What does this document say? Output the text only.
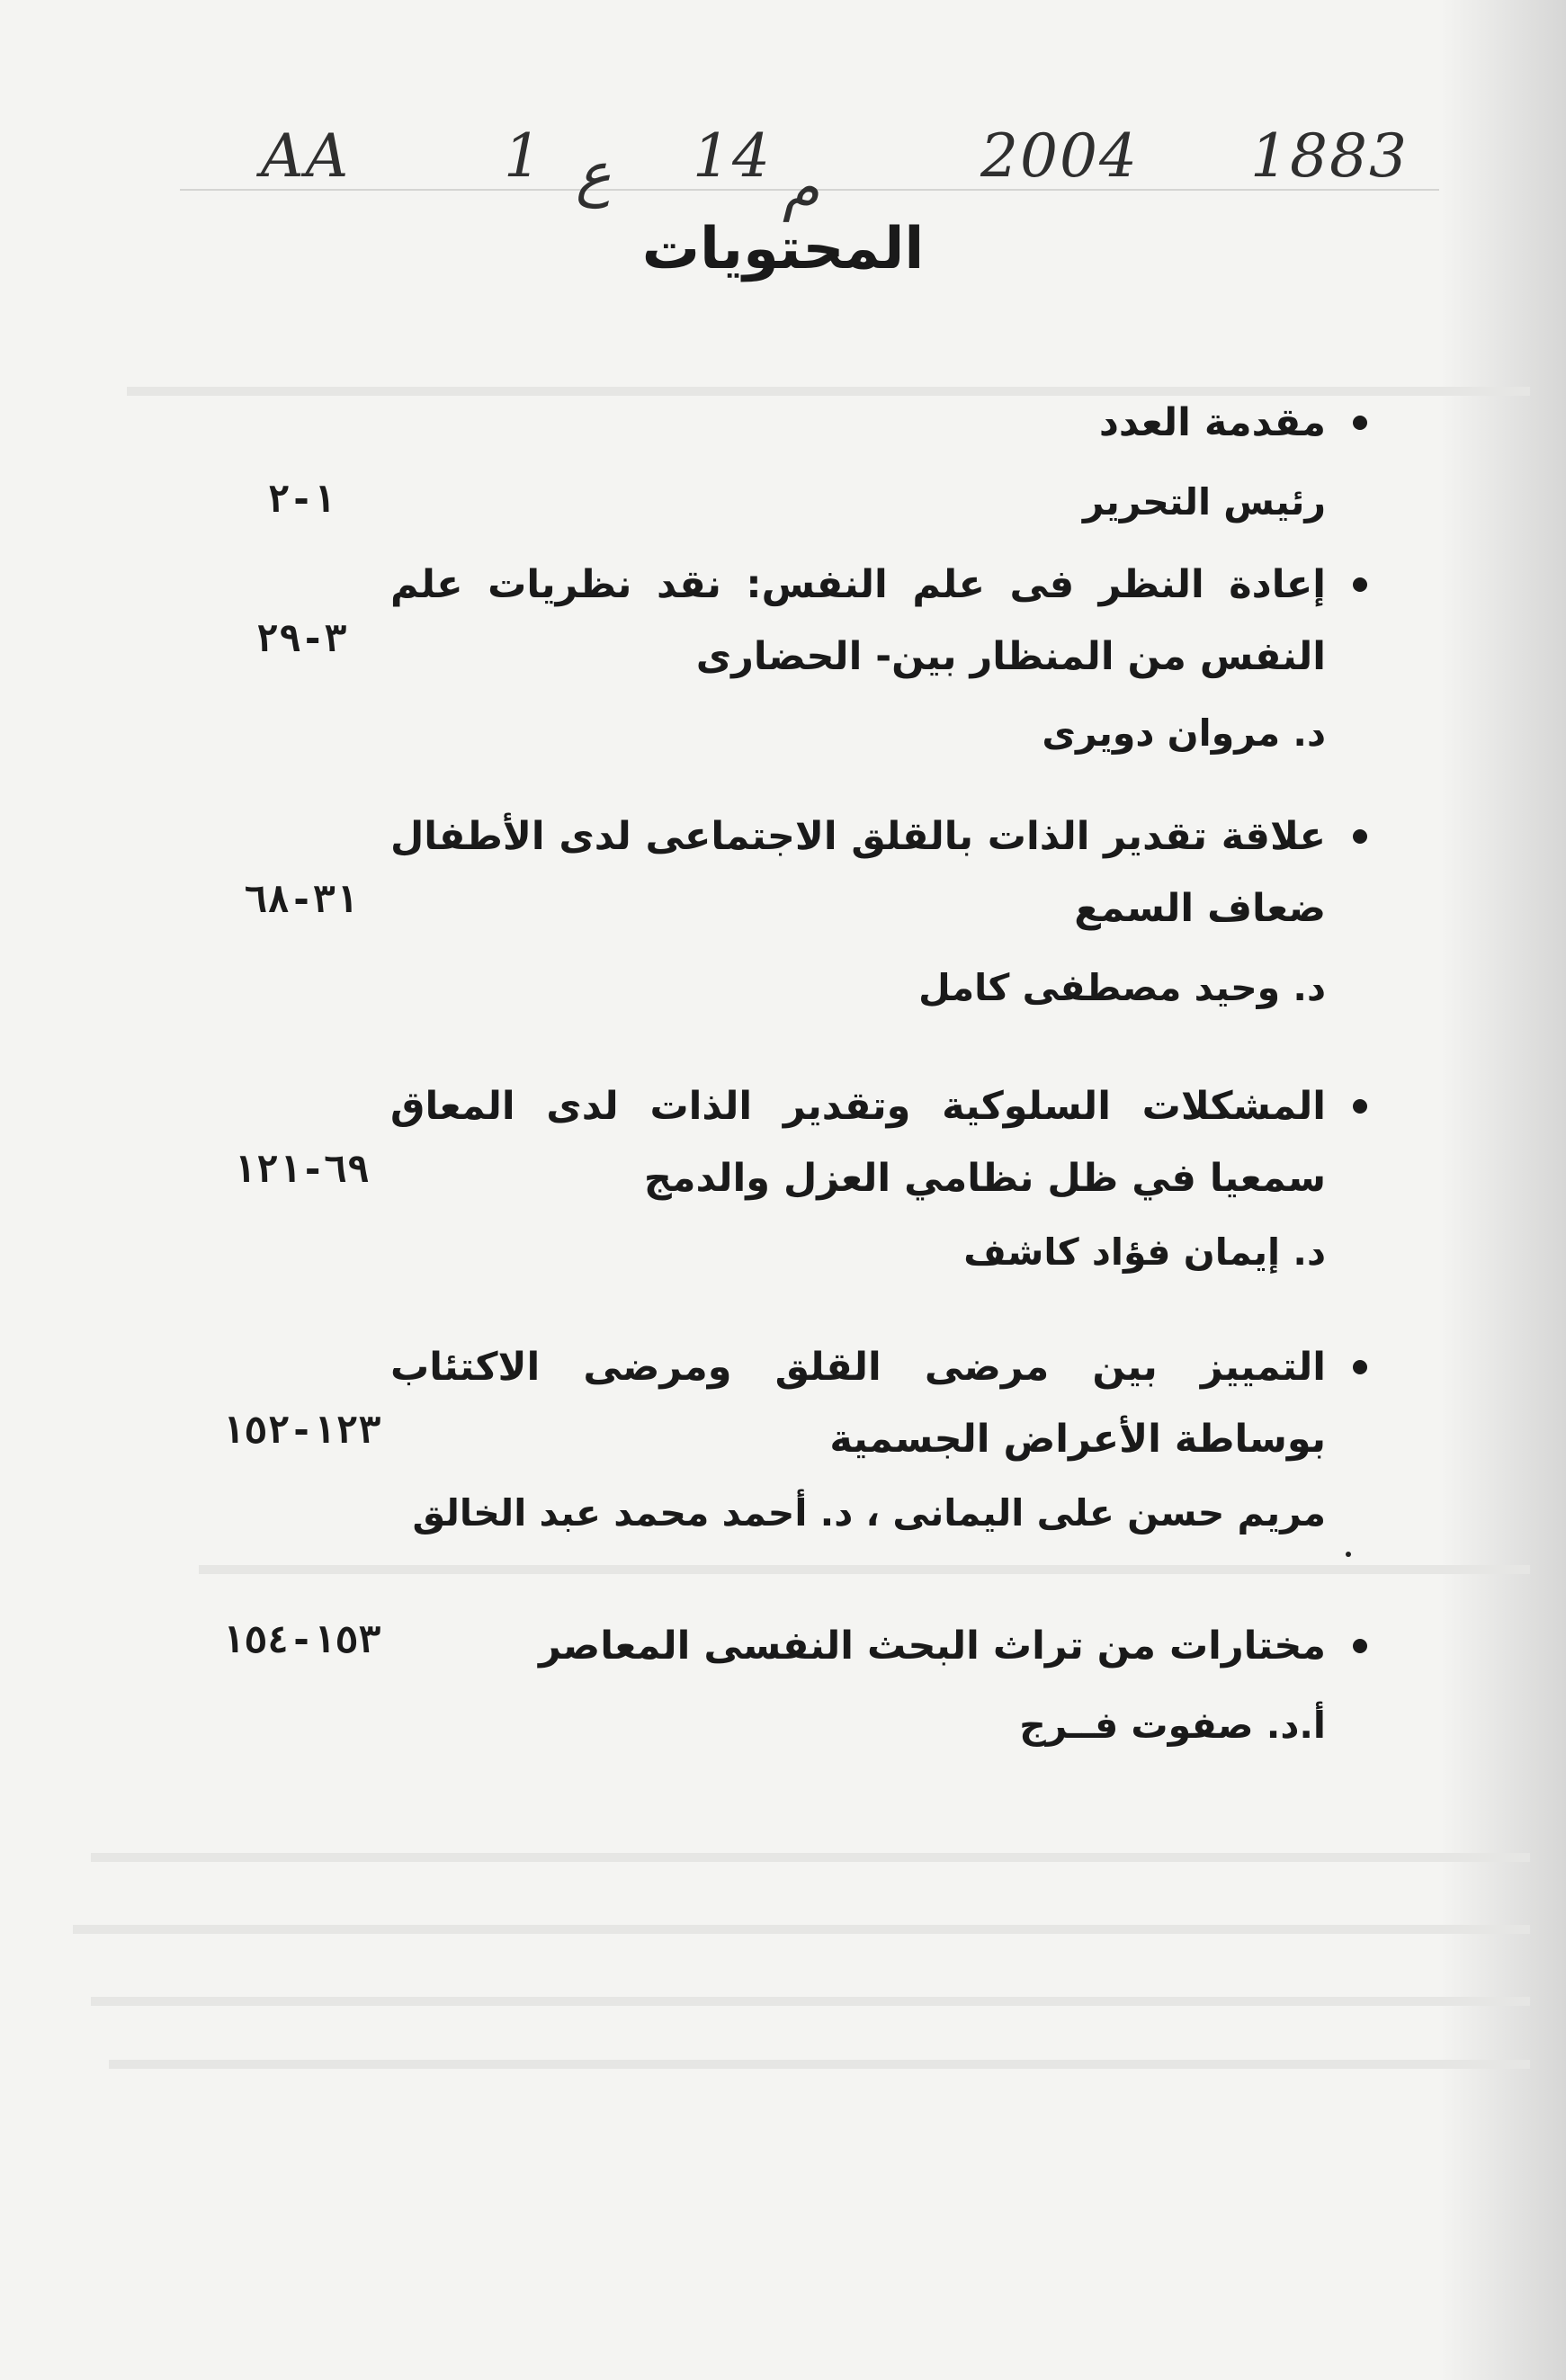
AA	1 ع 14 م	2004 1883
المحتويات
مقدمة العدد
رئيس التحرير
١-٢
إعادة النظر فى علم النفس: نقد نظريات علم النفس من المنظار بين- الحضارى
د. مروان دويرى
٣-٢٩
علاقة تقدير الذات بالقلق الاجتماعى لدى الأطفال ضعاف السمع
د. وحيد مصطفى كامل
٣١-٦٨
المشكلات السلوكية وتقدير الذات لدى المعاق سمعيا في ظل نظامي العزل والدمج
د. إيمان فؤاد كاشف
٦٩-١٢١
التمييز بين مرضى القلق ومرضى الاكتئاب بوساطة الأعراض الجسمية
مريم حسن على اليمانى ، د. أحمد محمد عبد الخالق
١٢٣-١٥٢
مختارات من تراث البحث النفسى المعاصر
أ.د. صفوت فــرج
١٥٣-١٥٤
